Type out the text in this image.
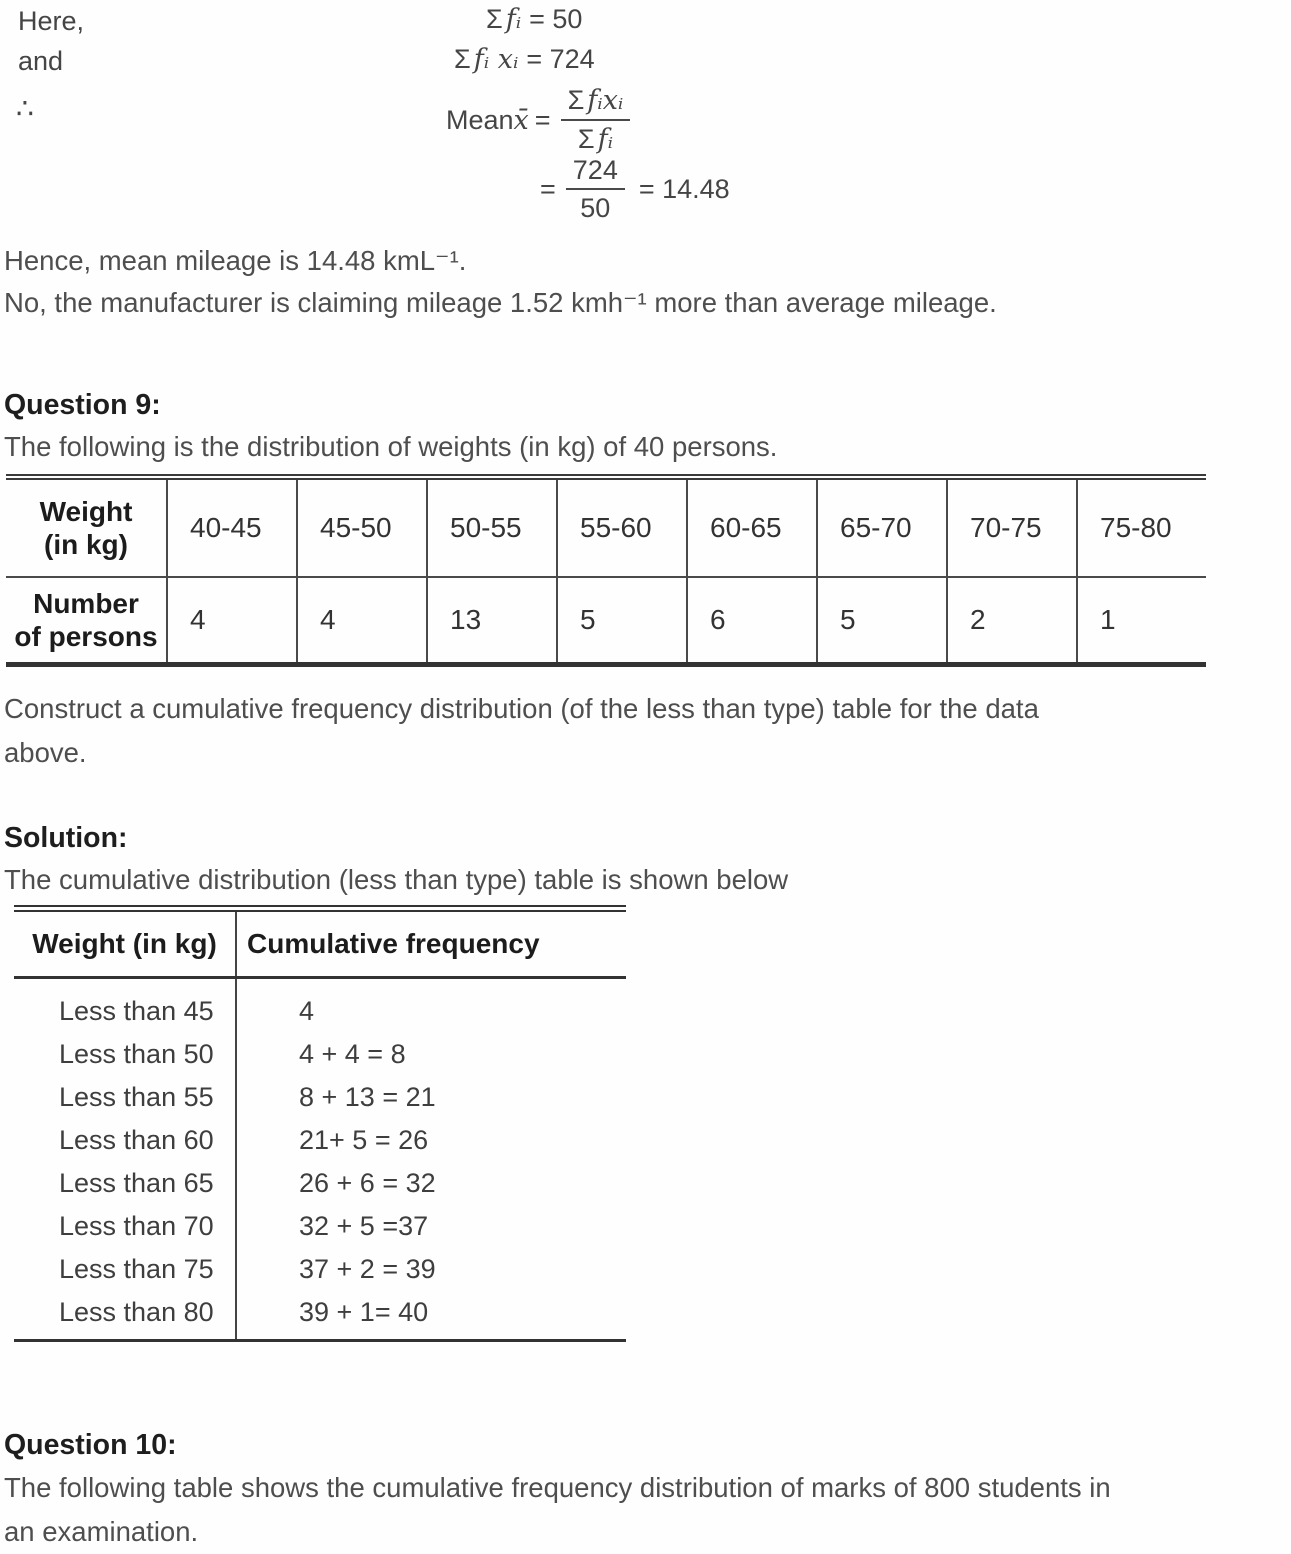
Here,
and
∴
Σ fᵢ = 50
Σ fᵢ xᵢ = 724
Mean x̄ = $\frac{\text{Σ fᵢxᵢ}}{\text{Σ fᵢ}}$
= $\frac{724}{50} = 14.48$

Hence, mean mileage is 14.48 kmL⁻¹.

No, the manufacturer is claiming mileage 1.52 kmh⁻¹ more than average mileage.

Question 9:

The following is the distribution of weights (in kg) of 40 persons.

Weight
(in kg)	40-45	45-50	50-55	55-60	60-65	65-70	70-75	75-80

Number
of persons	4	4	13	5	6	5	2	1

Construct a cumulative frequency distribution (of the less than type) table for the data
above.

Solution:

The cumulative distribution (less than type) table is shown below

Weight (in kg)	Cumulative frequency
Less than 45	4
Less than 50	4 + 4 = 8
Less than 55	8 + 13 = 21
Less than 60	21+ 5 = 26
Less than 65	26 + 6 = 32
Less than 70	32 + 5 =37
Less than 75	37 + 2 = 39
Less than 80	39 + 1= 40
Question 10:

The following table shows the cumulative frequency distribution of marks of 800 students in
an examination.
